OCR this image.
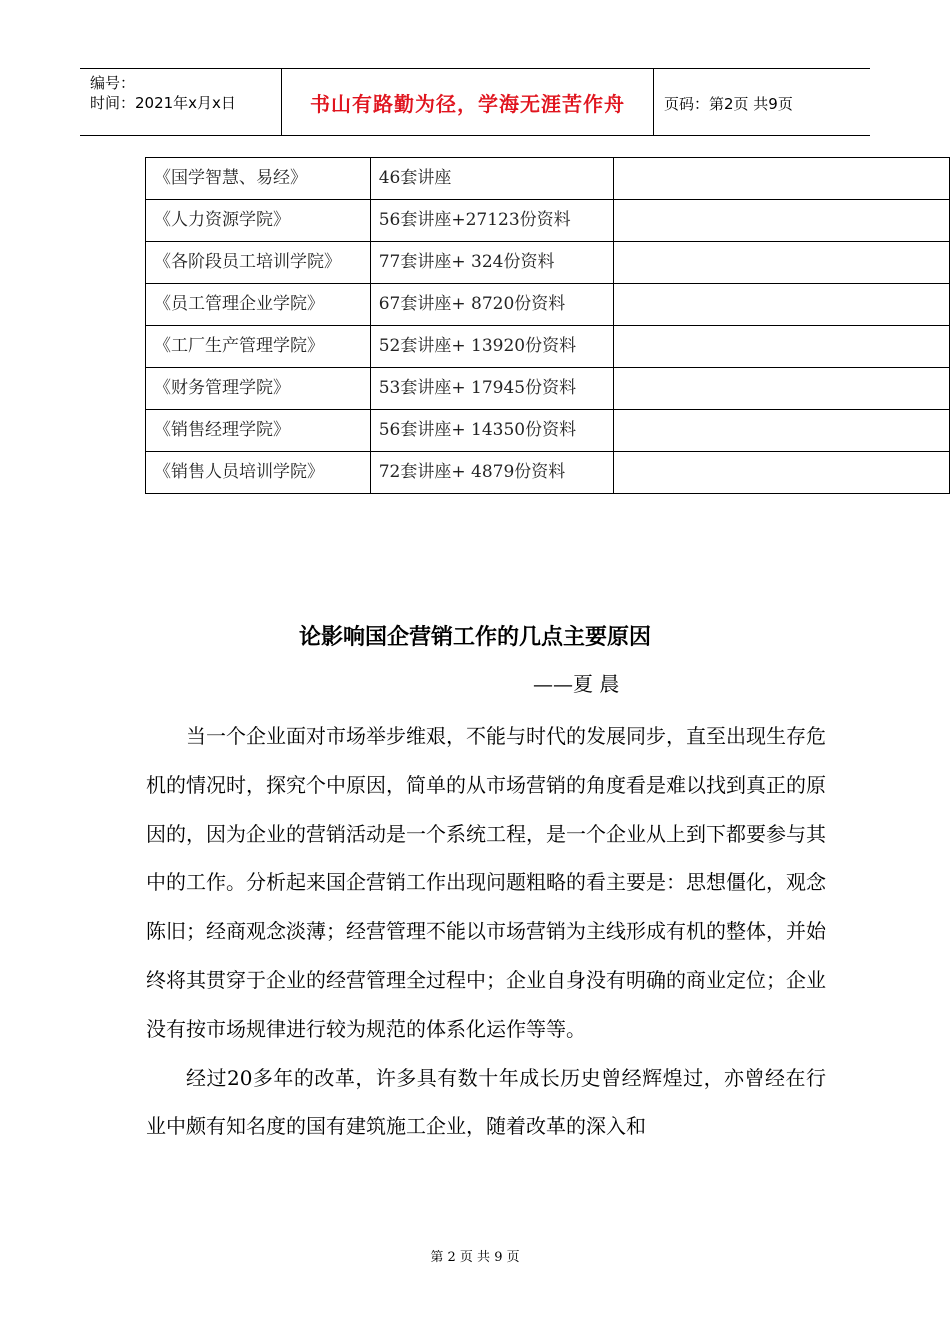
编号：
时间：2021年x月x日	书山有路勤为径，学海无涯苦作舟	页码：第2页 共9页
《国学智慧、易经》	46套讲座	
《人力资源学院》	56套讲座+27123份资料	
《各阶段员工培训学院》	77套讲座+ 324份资料	
《员工管理企业学院》	67套讲座+ 8720份资料	
《工厂生产管理学院》	52套讲座+ 13920份资料	
《财务管理学院》	53套讲座+ 17945份资料	
《销售经理学院》	56套讲座+ 14350份资料	
《销售人员培训学院》	72套讲座+ 4879份资料	
论影响国企营销工作的几点主要原因
——夏 晨

当一个企业面对市场举步维艰，不能与时代的发展同步，直至出现生存危机的情况时，探究个中原因，简单的从市场营销的角度看是难以找到真正的原因的，因为企业的营销活动是一个系统工程，是一个企业从上到下都要参与其中的工作。分析起来国企营销工作出现问题粗略的看主要是：思想僵化，观念陈旧；经商观念淡薄；经营管理不能以市场营销为主线形成有机的整体，并始终将其贯穿于企业的经营管理全过程中；企业自身没有明确的商业定位；企业没有按市场规律进行较为规范的体系化运作等等。

经过20多年的改革，许多具有数十年成长历史曾经辉煌过，亦曾经在行业中颇有知名度的国有建筑施工企业，随着改革的深入和

第 2 页 共 9 页
